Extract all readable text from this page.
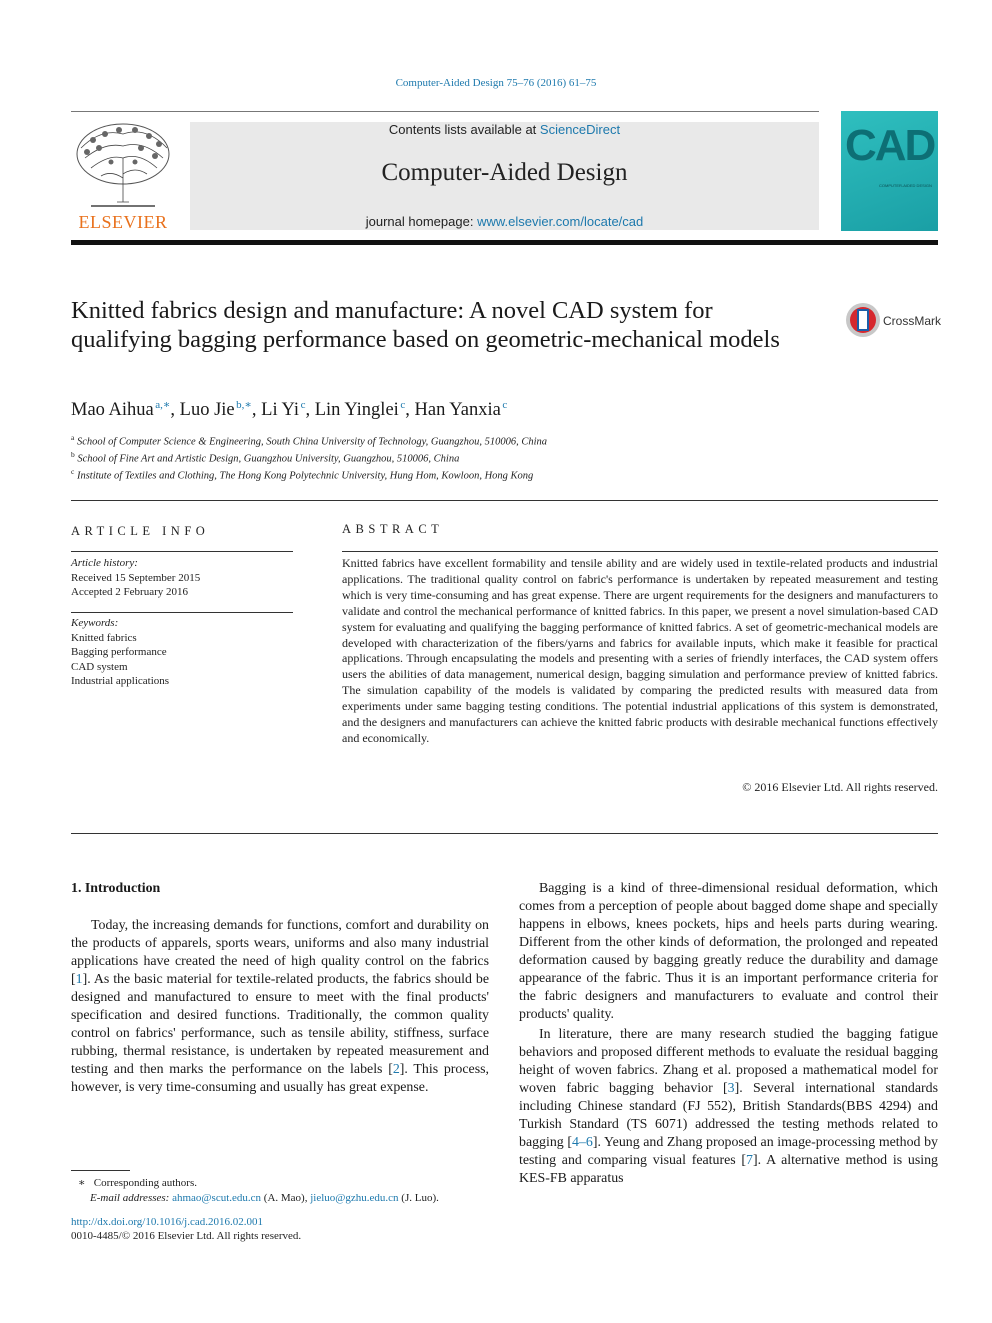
Computer-Aided Design 75–76 (2016) 61–75
ELSEVIER
Contents lists available at ScienceDirect
Computer-Aided Design
journal homepage: www.elsevier.com/locate/cad
CAD
COMPUTER-AIDED DESIGN
Knitted fabrics design and manufacture: A novel CAD system for qualifying bagging performance based on geometric-mechanical models
CrossMark
Mao Aihua  $^{a,∗}$, Luo Jie  $^{b,∗}$, Li Yi  $^c$, Lin Yinglei  $^c$, Han Yanxia  $^c$
$^a$ School of Computer Science & Engineering, South China University of Technology, Guangzhou, 510006, China
$^b$ School of Fine Art and Artistic Design, Guangzhou University, Guangzhou, 510006, China
$^c$ Institute of Textiles and Clothing, The Hong Kong Polytechnic University, Hung Hom, Kowloon, Hong Kong
ARTICLE INFO
Article history:
Received 15 September 2015
Accepted 2 February 2016
Keywords:
Knitted fabrics
Bagging performance
CAD system
Industrial applications
ABSTRACT
Knitted fabrics have excellent formability and tensile ability and are widely used in textile-related products and industrial applications. The traditional quality control on fabric's performance is undertaken by repeated measurement and testing which is very time-consuming and has great expense. There are urgent requirements for the designers and manufacturers to validate and control the mechanical performance of knitted fabrics. In this paper, we present a novel simulation-based CAD system for evaluating and qualifying the bagging performance of knitted fabrics. A set of geometric-mechanical models are developed with characterization of the fibers/yarns and fabrics for available inputs, which make it feasible for practical applications. Through encapsulating the models and presenting with a series of friendly interfaces, the CAD system offers users the abilities of data management, numerical design, bagging simulation and performance preview of knitted fabrics. The simulation capability of the models is validated by comparing the predicted results with measured data from experiments under same bagging testing conditions. The potential industrial applications of this system is demonstrated, and the designers and manufacturers can achieve the knitted fabric products with desirable mechanical functions effectively and economically.
© 2016 Elsevier Ltd. All rights reserved.
1. Introduction

Today, the increasing demands for functions, comfort and durability on the products of apparels, sports wears, uniforms and also many industrial applications have created the need of high quality control on the fabrics [1]. As the basic material for textile-related products, the fabrics should be designed and manufactured to ensure to meet with the final products' specification and desired functions. Traditionally, the common quality control on fabrics' performance, such as tensile ability, stiffness, surface rubbing, thermal resistance, is undertaken by repeated measurement and testing and then marks the performance on the labels [2]. This process, however, is very time-consuming and usually has great expense.

Bagging is a kind of three-dimensional residual deformation, which comes from a perception of people about bagged dome shape and specially happens in elbows, knees pockets, hips and heels parts during wearing. Different from the other kinds of deformation, the prolonged and repeated deformation caused by bagging greatly reduce the durability and damage appearance of the fabric. Thus it is an important performance criteria for the fabric designers and manufacturers to evaluate and control their products' quality.

In literature, there are many research studied the bagging fatigue behaviors and proposed different methods to evaluate the residual bagging height of woven fabrics. Zhang et al. proposed a mathematical model for woven fabric bagging behavior [3]. Several international standards including Chinese standard (FJ 552), British Standards(BBS 4294) and Turkish Standard (TS 6071) addressed the testing methods related to bagging [4–6]. Yeung and Zhang proposed an image-processing method by testing and comparing visual features [7]. A alternative method is using KES-FB apparatus

∗ Corresponding authors.
E-mail addresses: ahmao@scut.edu.cn (A. Mao), jieluo@gzhu.edu.cn (J. Luo).
http://dx.doi.org/10.1016/j.cad.2016.02.001
0010-4485/© 2016 Elsevier Ltd. All rights reserved.
